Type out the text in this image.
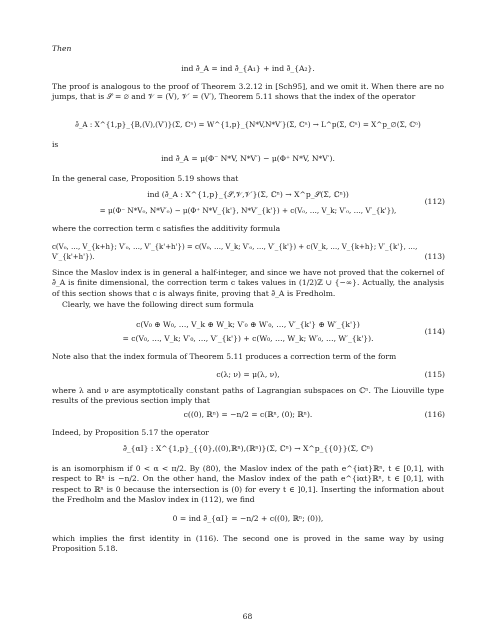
Then
ind ∂̄_A = ind ∂̄_{A₁} + ind ∂̄_{A₂}.
The proof is analogous to the proof of Theorem 3.2.12 in [Sch95], and we omit it. When there are no jumps, that is 𝒮 = ∅ and 𝒱 = (V), 𝒱′ = (V′), Theorem 5.11 shows that the index of the operator
∂̄_A : X^{1,p}_{B,(V),(V′)}(Σ, ℂⁿ) = W^{1,p}_{N*V,N*V′}(Σ, ℂⁿ) → L^p(Σ, ℂⁿ) = X^p_∅(Σ, ℂⁿ)
is
ind ∂̄_A = μ(Φ⁻ N*V, N*V′) − μ(Φ⁺ N*V, N*V′).
In the general case, Proposition 5.19 shows that
ind (∂̄_A : X^{1,p}_{𝒮,𝒱,𝒱′}(Σ, ℂⁿ) → X^p_𝒮(Σ, ℂⁿ))
= μ(Φ⁻ N*V₀, N*V′₀) − μ(Φ⁺ N*V_{k'}, N*V′_{k'}) + c(V₀, …, V_k; V′₀, …, V′_{k'}),
(112)
where the correction term c satisfies the additivity formula
c(V₀, …, V_{k+h}; V′₀, …, V′_{k'+h'}) = c(V₀, …, V_k; V′₀, …, V′_{k'}) + c(V_k, …, V_{k+h}; V′_{k'}, …, V′_{k'+h'}).	(113)
Since the Maslov index is in general a half-integer, and since we have not proved that the cokernel of ∂̄_A is finite dimensional, the correction term c takes values in (1/2)ℤ ∪ {−∞}. Actually, the analysis of this section shows that c is always finite, proving that ∂̄_A is Fredholm.
Clearly, we have the following direct sum formula
c(V₀ ⊕ W₀, …, V_k ⊕ W_k; V′₀ ⊕ W′₀, …, V′_{k'} ⊕ W′_{k'})
= c(V₀, …, V_k; V′₀, …, V′_{k'}) + c(W₀, …, W_k; W′₀, …, W′_{k'}).
(114)
Note also that the index formula of Theorem 5.11 produces a correction term of the form
c(λ; ν) = μ(λ, ν),	(115)
where λ and ν are asymptotically constant paths of Lagrangian subspaces on ℂⁿ. The Liouville type results of the previous section imply that
c((0), ℝⁿ) = −n/2 = c(ℝⁿ, (0); ℝⁿ).	(116)
Indeed, by Proposition 5.17 the operator
∂̄_{αI} : X^{1,p}_{{0},((0),ℝⁿ),(ℝⁿ)}(Σ, ℂⁿ) → X^p_{{0}}(Σ, ℂⁿ)
is an isomorphism if 0 < α < π/2. By (80), the Maslov index of the path e^{iαt}ℝⁿ, t ∈ [0,1], with respect to ℝⁿ is −n/2. On the other hand, the Maslov index of the path e^{iαt}ℝⁿ, t ∈ [0,1], with respect to ℝⁿ is 0 because the intersection is (0) for every t ∈ ]0,1]. Inserting the information about the Fredholm and the Maslov index in (112), we find
0 = ind ∂̄_{αI} = −n/2 + c((0), ℝⁿ; (0)),
which implies the first identity in (116). The second one is proved in the same way by using Proposition 5.18.
68
